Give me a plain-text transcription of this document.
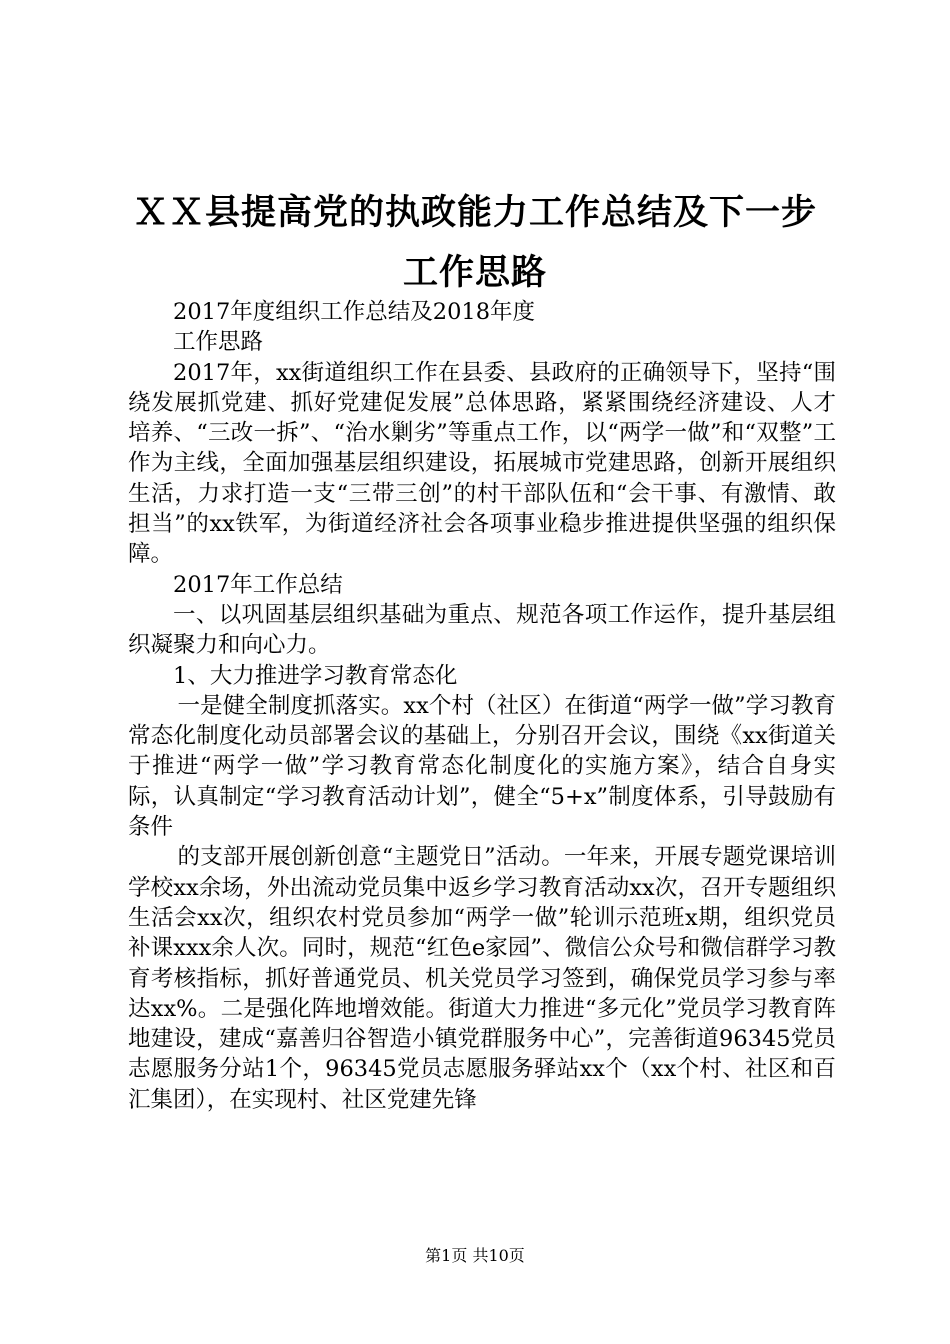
ＸＸ县提高党的执政能力工作总结及下一步工作思路

2017年度组织工作总结及2018年度

工作思路

2017年，xx街道组织工作在县委、县政府的正确领导下，坚持“围绕发展抓党建、抓好党建促发展”总体思路，紧紧围绕经济建设、人才培养、“三改一拆”、“治水剿劣”等重点工作，以“两学一做”和“双整”工作为主线，全面加强基层组织建设，拓展城市党建思路，创新开展组织生活，力求打造一支“三带三创”的村干部队伍和“会干事、有激情、敢担当”的xx铁军，为街道经济社会各项事业稳步推进提供坚强的组织保障。

2017年工作总结

一、以巩固基层组织基础为重点、规范各项工作运作，提升基层组织凝聚力和向心力。

1、大力推进学习教育常态化

一是健全制度抓落实。xx个村（社区）在街道“两学一做”学习教育常态化制度化动员部署会议的基础上，分别召开会议，围绕《xx街道关于推进“两学一做”学习教育常态化制度化的实施方案》，结合自身实际，认真制定“学习教育活动计划”，健全“5+x”制度体系，引导鼓励有条件

的支部开展创新创意“主题党日”活动。一年来，开展专题党课培训学校xx余场，外出流动党员集中返乡学习教育活动xx次，召开专题组织生活会xx次，组织农村党员参加“两学一做”轮训示范班x期，组织党员补课xxx余人次。同时，规范“红色e家园”、微信公众号和微信群学习教育考核指标，抓好普通党员、机关党员学习签到，确保党员学习参与率达xx%。二是强化阵地增效能。街道大力推进“多元化”党员学习教育阵地建设，建成“嘉善归谷智造小镇党群服务中心”，完善街道96345党员志愿服务分站1个，96345党员志愿服务驿站xx个（xx个村、社区和百汇集团），在实现村、社区党建先锋

第1页 共10页
